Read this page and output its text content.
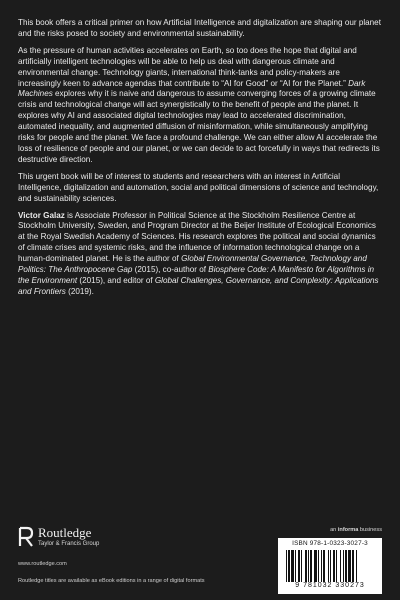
This book offers a critical primer on how Artificial Intelligence and digitalization are shaping our planet and the risks posed to society and environmental sustainability.

As the pressure of human activities accelerates on Earth, so too does the hope that digital and artificially intelligent technologies will be able to help us deal with dangerous climate and environmental change. Technology giants, international think-tanks and policy-makers are increasingly keen to advance agendas that contribute to “AI for Good” or “AI for the Planet.” Dark Machines explores why it is naive and dangerous to assume converging forces of a growing climate crisis and technological change will act synergistically to the benefit of people and the planet. It explores why AI and associated digital technologies may lead to accelerated discrimination, automated inequality, and augmented diffusion of misinformation, while simultaneously amplifying risks for people and the planet. We face a profound challenge. We can either allow AI accelerate the loss of resilience of people and our planet, or we can decide to act forcefully in ways that redirects its destructive direction.

This urgent book will be of interest to students and researchers with an interest in Artificial Intelligence, digitalization and automation, social and political dimensions of science and technology, and sustainability sciences.

Victor Galaz is Associate Professor in Political Science at the Stockholm Resilience Centre at Stockholm University, Sweden, and Program Director at the Beijer Institute of Ecological Economics at the Royal Swedish Academy of Sciences. His research explores the political and social dynamics of climate crises and systemic risks, and the influence of information technological change on a human-dominated planet. He is the author of Global Environmental Governance, Technology and Politics: The Anthropocene Gap (2015), co-author of Biosphere Code: A Manifesto for Algorithms in the Environment (2015), and editor of Global Challenges, Governance, and Complexity: Applications and Frontiers (2019).

Routledge
Taylor & Francis Group
www.routledge.com
Routledge titles are available as eBook editions in a range of digital formats
an informa business
ISBN 978-1-0323-3027-3
9 781032 330273
